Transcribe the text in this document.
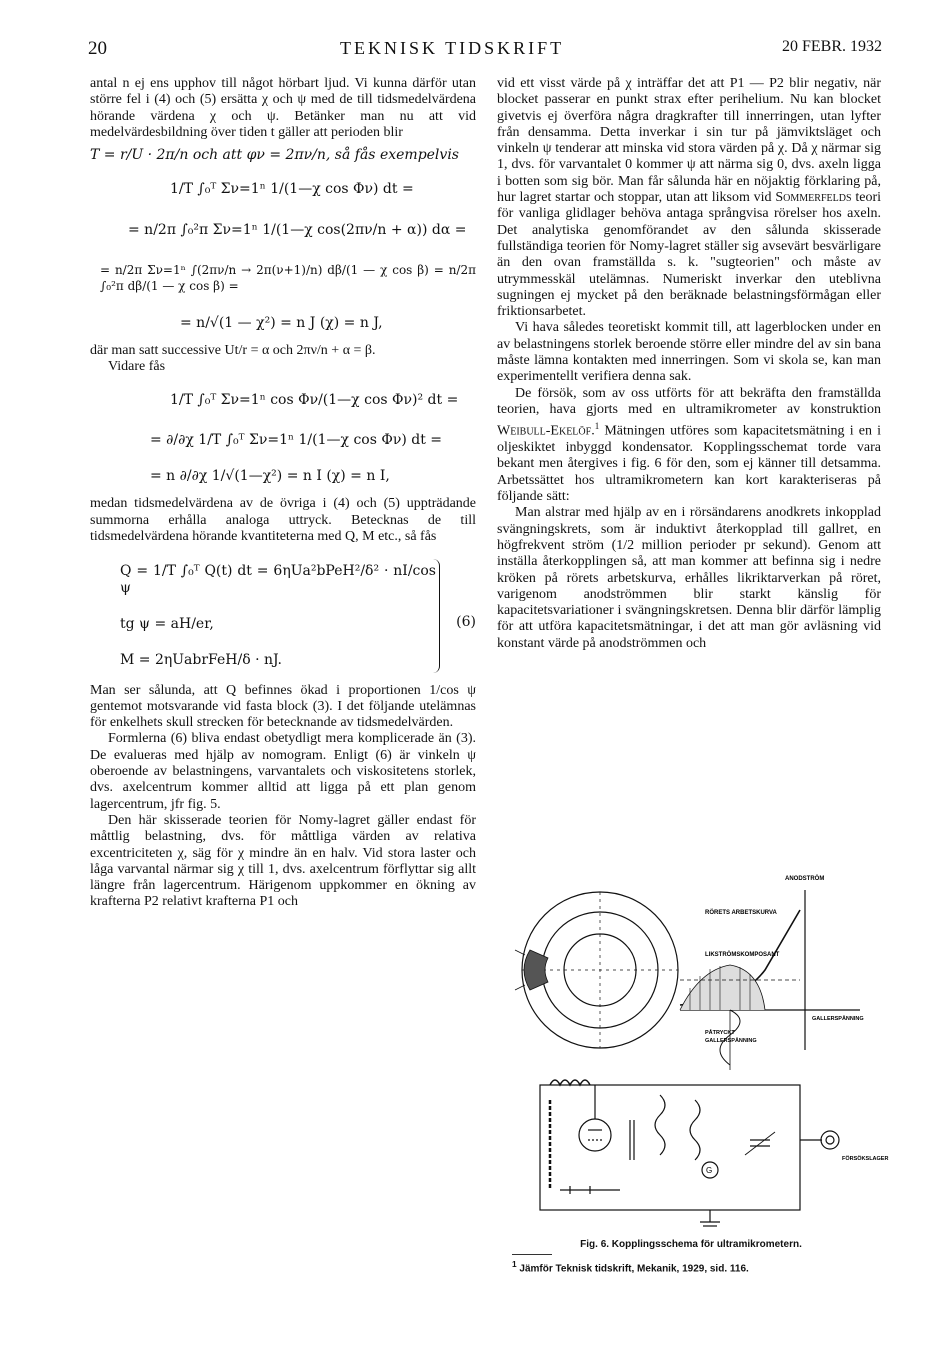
20	TEKNISK TIDSKRIFT	20 FEBR. 1932

antal n ej ens upphov till något hörbart ljud. Vi kunna därför utan större fel i (4) och (5) ersätta χ och ψ med de till tidsmedelvärdena hörande värdena χ och ψ. Betänker man nu att vid medelvärdesbildning över tiden t gäller att perioden blir

T = r/U · 2π/n och att φν = 2πν/n, så fås exempelvis

1/T ∫₀ᵀ Σν=1ⁿ 1/(1—χ cos Φν) dt =
= n/2π ∫₀²π Σν=1ⁿ 1/(1—χ cos(2πν/n + α)) dα =
= n/2π Σν=1ⁿ ∫(2πν/n → 2π(ν+1)/n) dβ/(1 — χ cos β) = n/2π ∫₀²π dβ/(1 — χ cos β) =
= n/√(1 — χ²) = n J (χ) = n J,

där man satt successive Ut/r = α och 2πν/n + α = β.

Vidare fås

1/T ∫₀ᵀ Σν=1ⁿ cos Φν/(1—χ cos Φν)² dt =
= ∂/∂χ 1/T ∫₀ᵀ Σν=1ⁿ 1/(1—χ cos Φν) dt =
= n ∂/∂χ 1/√(1—χ²) = n I (χ) = n I,

medan tidsmedelvärdena av de övriga i (4) och (5) uppträdande summorna erhålla analoga uttryck. Betecknas de till tidsmedelvärdena hörande kvantiteterna med Q, M etc., så fås

Q = 1/T ∫₀ᵀ Q(t) dt = 6ηUa²bPeH²/δ² · nI/cos ψ
tg ψ = aH/er,
M = 2ηUabrFeH/δ · nJ.
(6)

Man ser sålunda, att Q befinnes ökad i proportionen 1/cos ψ gentemot motsvarande vid fasta block (3). I det följande utelämnas för enkelhets skull strecken för betecknande av tidsmedelvärden.

Formlerna (6) bliva endast obetydligt mera komplicerade än (3). De evalueras med hjälp av nomogram. Enligt (6) är vinkeln ψ oberoende av belastningens, varvantalets och viskositetens storlek, dvs. axelcentrum kommer alltid att ligga på ett plan genom lagercentrum, jfr fig. 5.

Den här skisserade teorien för Nomy-lagret gäller endast för måttlig belastning, dvs. för måttliga värden av relativa excentriciteten χ, säg för χ mindre än en halv. Vid stora laster och låga varvantal närmar sig χ till 1, dvs. axelcentrum förflyttar sig allt längre från lagercentrum. Härigenom uppkommer en ökning av krafterna P2 relativt krafterna P1 och

vid ett visst värde på χ inträffar det att P1 — P2 blir negativ, när blocket passerar en punkt strax efter perihelium. Nu kan blocket givetvis ej överföra några dragkrafter till innerringen, utan lyfter från densamma. Detta inverkar i sin tur på jämviktsläget och vinkeln ψ tenderar att minska vid stora värden på χ. Då χ närmar sig 1, dvs. för varvantalet 0 kommer ψ att närma sig 0, dvs. axeln ligga i botten som sig bör. Man får sålunda här en nöjaktig förklaring på, hur lagret startar och stoppar, utan att liksom vid Sommerfelds teori för vanliga glidlager behöva antaga språngvisa rörelser hos axeln. Det analytiska genomförandet av den sålunda skisserade fullständiga teorien för Nomy-lagret ställer sig avsevärt besvärligare än den ovan framställda s. k. "sugteorien" och måste av utrymmesskäl utelämnas. Numeriskt inverkar den uteblivna sugningen ej mycket på den beräknade belastningsförmågan eller friktionsarbetet.

Vi hava således teoretiskt kommit till, att lagerblocken under en av belastningens storlek beroende större eller mindre del av sin bana måste lämna kontakten med innerringen. Som vi skola se, kan man experimentellt verifiera denna sak.

De försök, som av oss utförts för att bekräfta den framställda teorien, hava gjorts med en ultramikrometer av konstruktion Weibull-Ekelöf.$^1$ Mätningen utföres som kapacitetsmätning i en i oljeskiktet inbyggd kondensator. Kopplingsschemat torde vara bekant men återgives i fig. 6 för den, som ej känner till detsamma. Arbetssättet hos ultramikrometern kan kort karakteriseras på följande sätt:

Man alstrar med hjälp av en i rörsändarens anodkrets inkopplad svängningskrets, som är induktivt återkopplad till gallret, en högfrekvent ström (1/2 million perioder pr sekund). Genom att inställa återkopplingen så, att man kommer att befinna sig i nedre kröken på rörets arbetskurva, erhålles likriktarverkan på röret, varigenom anodströmmen blir starkt känslig för kapacitetsvariationer i svängningskretsen. Denna blir därför lämplig för att utföra kapacitetsmätningar, i det att man gör avläsning vid konstant värde på anodströmmen och

ANODSTRÖM
RÖRETS ARBETSKURVA
LIKSTRÖMSKOMPOSANT
GALLERSPÄNNING
PÅTRYCKT
GALLERSPÄNNING
G
FÖRSÖKSLAGER
Fig. 6. Kopplingsschema för ultramikrometern.
$^1$ Jämför Teknisk tidskrift, Mekanik, 1929, sid. 116.
